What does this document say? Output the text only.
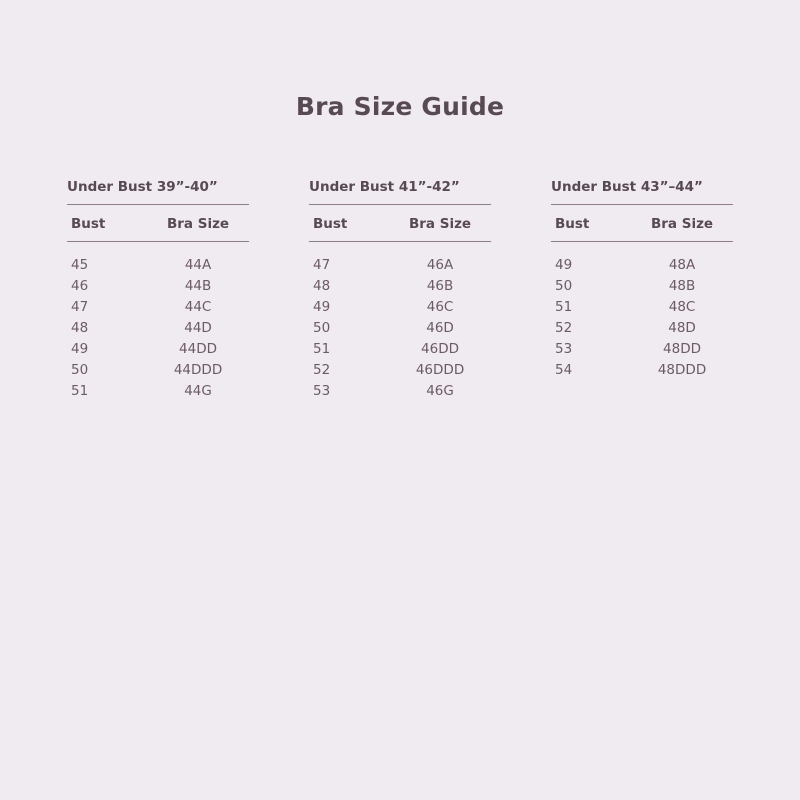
Bra Size Guide
Under Bust 39”-40”
Bust	Bra Size
45	44A
46	44B
47	44C
48	44D
49	44DD
50	44DDD
51	44G
Under Bust 41”-42”
Bust	Bra Size
47	46A
48	46B
49	46C
50	46D
51	46DD
52	46DDD
53	46G
Under Bust 43”–44”
Bust	Bra Size
49	48A
50	48B
51	48C
52	48D
53	48DD
54	48DDD
